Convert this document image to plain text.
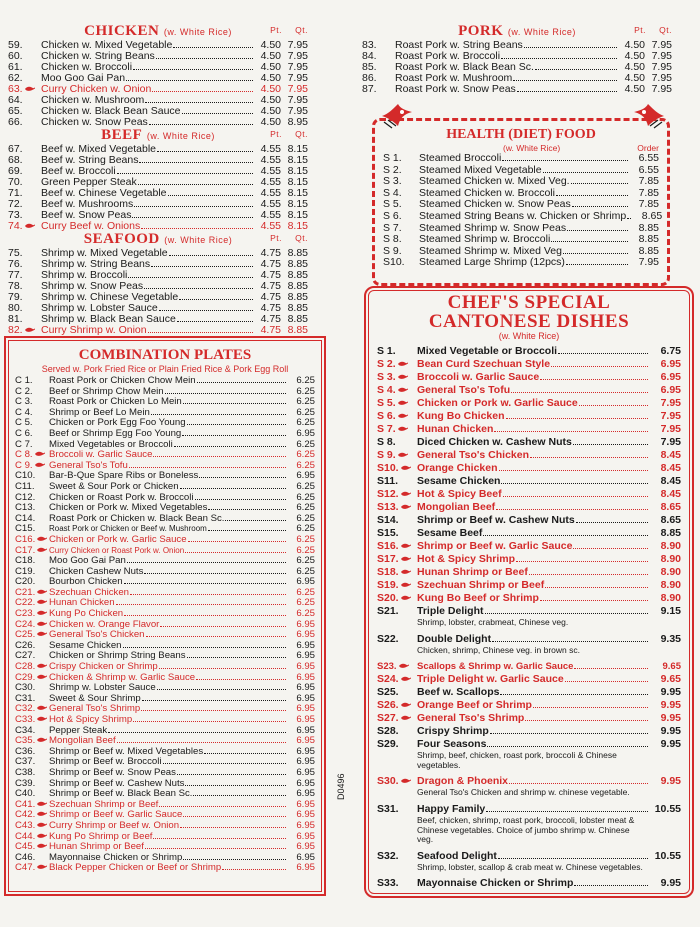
CHICKEN (w. White Rice)	Pt. Qt.
59.	Chicken w. Mixed Vegetable	4.50 7.95
60.	Chicken w. String Beans	4.50 7.95
61.	Chicken w. Broccoli	4.50 7.95
62.	Moo Goo Gai Pan	4.50 7.95
63.	Curry Chicken w. Onion	4.50 7.95
64.	Chicken w. Mushroom	4.50 7.95
65.	Chicken w. Black Bean Sauce	4.50 7.95
66.	Chicken w. Snow Peas	4.50 8.95
BEEF (w. White Rice)	Pt. Qt.
67.	Beef w. Mixed Vegetable	4.55 8.15
68.	Beef w. String Beans	4.55 8.15
69.	Beef w. Broccoli	4.55 8.15
70.	Green Pepper Steak	4.55 8.15
71.	Beef w. Chinese Vegetable	4.55 8.15
72.	Beef w. Mushrooms	4.55 8.15
73.	Beef w. Snow Peas	4.55 8.15
74.	Curry Beef w. Onions	4.55 8.15
SEAFOOD (w. White Rice)	Pt. Qt.
75.	Shrimp w. Mixed Vegetable	4.75 8.85
76.	Shrimp w. String Beans	4.75 8.85
77.	Shrimp w. Broccoli	4.75 8.85
78.	Shrimp w. Snow Peas	4.75 8.85
79.	Shrimp w. Chinese Vegetable	4.75 8.85
80.	Shrimp w. Lobster Sauce	4.75 8.85
81.	Shrimp w. Black Bean Sauce	4.75 8.85
82.	Curry Shrimp w. Onion	4.75 8.85
COMBINATION PLATES
Served w. Pork Fried Rice or Plain Fried Rice & Pork Egg Roll
C 1.	Roast Pork or Chicken Chow Mein	6.25
C 2.	Beef or Shrimp Chow Mein	6.25
C 3.	Roast Pork or Chicken Lo Mein	6.25
C 4.	Shrimp or Beef Lo Mein	6.25
C 5.	Chicken or Pork Egg Foo Young	6.25
C 6.	Beef or Shrimp Egg Foo Young	6.95
C 7.	Mixed Vegetables or Broccoli	6.25
C 8.	Broccoli w. Garlic Sauce	6.25
C 9.	General Tso's Tofu	6.25
C10.	Bar-B-Que Spare Ribs or Boneless	6.95
C11.	Sweet & Sour Pork or Chicken	6.25
C12.	Chicken or Roast Pork w. Broccoli	6.25
C13.	Chicken or Pork w. Mixed Vegetables	6.25
C14.	Roast Pork or Chicken w. Black Bean Sc.	6.25
C15.	Roast Pork or Chicken or Beef w. Mushroom	6.25
C16.	Chicken or Pork w. Garlic Sauce	6.25
C17.	Curry Chicken or Roast Pork w. Onion	6.25
C18.	Moo Goo Gai Pan	6.25
C19.	Chicken Cashew Nuts	6.25
C20.	Bourbon Chicken	6.95
C21.	Szechuan Chicken	6.25
C22.	Hunan Chicken	6.25
C23.	Kung Po Chicken	6.25
C24.	Chicken w. Orange Flavor	6.95
C25.	General Tso's Chicken	6.95
C26.	Sesame Chicken	6.95
C27.	Chicken or Shrimp String Beans	6.95
C28.	Crispy Chicken or Shrimp	6.95
C29.	Chicken & Shrimp w. Garlic Sauce	6.95
C30.	Shrimp w. Lobster Sauce	6.95
C31.	Sweet & Sour Shrimp	6.95
C32.	General Tso's Shrimp	6.95
C33.	Hot & Spicy Shrimp	6.95
C34.	Pepper Steak	6.95
C35.	Mongolian Beef	6.95
C36.	Shrimp or Beef w. Mixed Vegetables	6.95
C37.	Shrimp or Beef w. Broccoli	6.95
C38.	Shrimp or Beef w. Snow Peas	6.95
C39.	Shrimp or Beef w. Cashew Nuts	6.95
C40.	Shrimp or Beef w. Black Bean Sc.	6.95
C41.	Szechuan Shrimp or Beef	6.95
C42.	Shrimp or Beef w. Garlic Sauce	6.95
C43.	Curry Shrimp or Beef w. Onion	6.95
C44.	Kung Po Shrimp or Beef	6.95
C45.	Hunan Shrimp or Beef	6.95
C46.	Mayonnaise Chicken or Shrimp	6.95
C47.	Black Pepper Chicken or Beef or Shrimp	6.95
D0496
PORK (w. White Rice)	Pt. Qt.
83.	Roast Pork w. String Beans	4.50 7.95
84.	Roast Pork w. Broccoli	4.50 7.95
85.	Roast Pork w. Black Bean Sc.	4.50 7.95
86.	Roast Pork w. Mushroom	4.50 7.95
87.	Roast Pork w. Snow Peas	4.50 7.95
HEALTH (DIET) FOOD
(w. White Rice)	Order
S 1.	Steamed Broccoli	6.55
S 2.	Steamed Mixed Vegetable	6.55
S 3.	Steamed Chicken w. Mixed Veg.	7.85
S 4.	Steamed Chicken w. Broccoli	7.85
S 5.	Steamed Chicken w. Snow Peas	7.85
S 6.	Steamed String Beans w. Chicken or Shrimp	8.65
S 7.	Steamed Shrimp w. Snow Peas	8.85
S 8.	Steamed Shrimp w. Broccoli	8.85
S 9.	Steamed Shrimp w. Mixed Veg	8.85
S10.	Steamed Large Shrimp (12pcs)	7.95
CHEF'S SPECIAL
CANTONESE DISHES
(w. White Rice)
S 1.	Mixed Vegetable or Broccoli	6.75
S 2.	Bean Curd Szechuan Style	6.95
S 3.	Broccoli w. Garlic Sauce	6.95
S 4.	General Tso's Tofu	6.95
S 5.	Chicken or Pork w. Garlic Sauce	7.95
S 6.	Kung Bo Chicken	7.95
S 7.	Hunan Chicken	7.95
S 8.	Diced Chicken w. Cashew Nuts	7.95
S 9.	General Tso's Chicken	8.45
S10.	Orange Chicken	8.45
S11.	Sesame Chicken	8.45
S12.	Hot & Spicy Beef	8.45
S13.	Mongolian Beef	8.65
S14.	Shrimp or Beef w. Cashew Nuts	8.65
S15.	Sesame Beef	8.85
S16.	Shrimp or Beef w. Garlic Sauce	8.90
S17.	Hot & Spicy Shrimp	8.90
S18.	Hunan Shrimp or Beef	8.90
S19.	Szechuan Shrimp or Beef	8.90
S20.	Kung Bo Beef or Shrimp	8.90
S21.	Triple Delight	9.15
Shrimp, lobster, crabmeat, Chinese veg.
S22.	Double Delight	9.35
Chicken, shrimp, Chinese veg. in brown sc.
S23.	Scallops & Shrimp w. Garlic Sauce	9.65
S24.	Triple Delight w. Garlic Sauce	9.65
S25.	Beef w. Scallops	9.95
S26.	Orange Beef or Shrimp	9.95
S27.	General Tso's Shrimp	9.95
S28.	Crispy Shrimp	9.95
S29.	Four Seasons	9.95
Shrimp, beef, chicken, roast pork, broccoli & Chinese vegetables.
S30.	Dragon & Phoenix	9.95
General Tso's Chicken and shrimp w. chinese vegetable.
S31.	Happy Family	10.55
Beef, chicken, shrimp, roast pork, broccoli, lobster meat & Chinese vegetables. Choice of jumbo shrimp w. Chinese veg.
S32.	Seafood Delight	10.55
Shrimp, lobster, scallop & crab meat w. Chinese vegetables.
S33.	Mayonnaise Chicken or Shrimp	9.95
